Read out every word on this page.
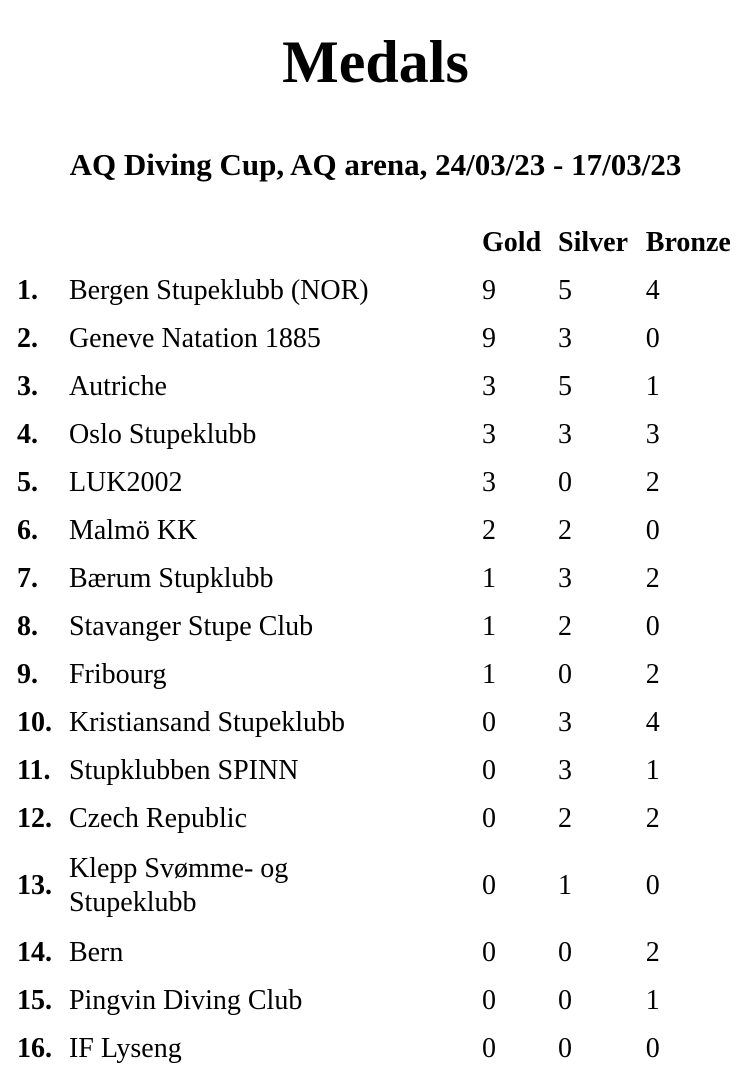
Medals
AQ Diving Cup, AQ arena, 24/03/23 - 17/03/23
		Gold	Silver	Bronze
1.	Bergen Stupeklubb (NOR)	9	5	4
2.	Geneve Natation 1885	9	3	0
3.	Autriche	3	5	1
4.	Oslo Stupeklubb	3	3	3
5.	LUK2002	3	0	2
6.	Malmö KK	2	2	0
7.	Bærum Stupklubb	1	3	2
8.	Stavanger Stupe Club	1	2	0
9.	Fribourg	1	0	2
10.	Kristiansand Stupeklubb	0	3	4
11.	Stupklubben SPINN	0	3	1
12.	Czech Republic	0	2	2
13.	Klepp Svømme- og Stupeklubb	0	1	0
14.	Bern	0	0	2
15.	Pingvin Diving Club	0	0	1
16.	IF Lyseng	0	0	0
